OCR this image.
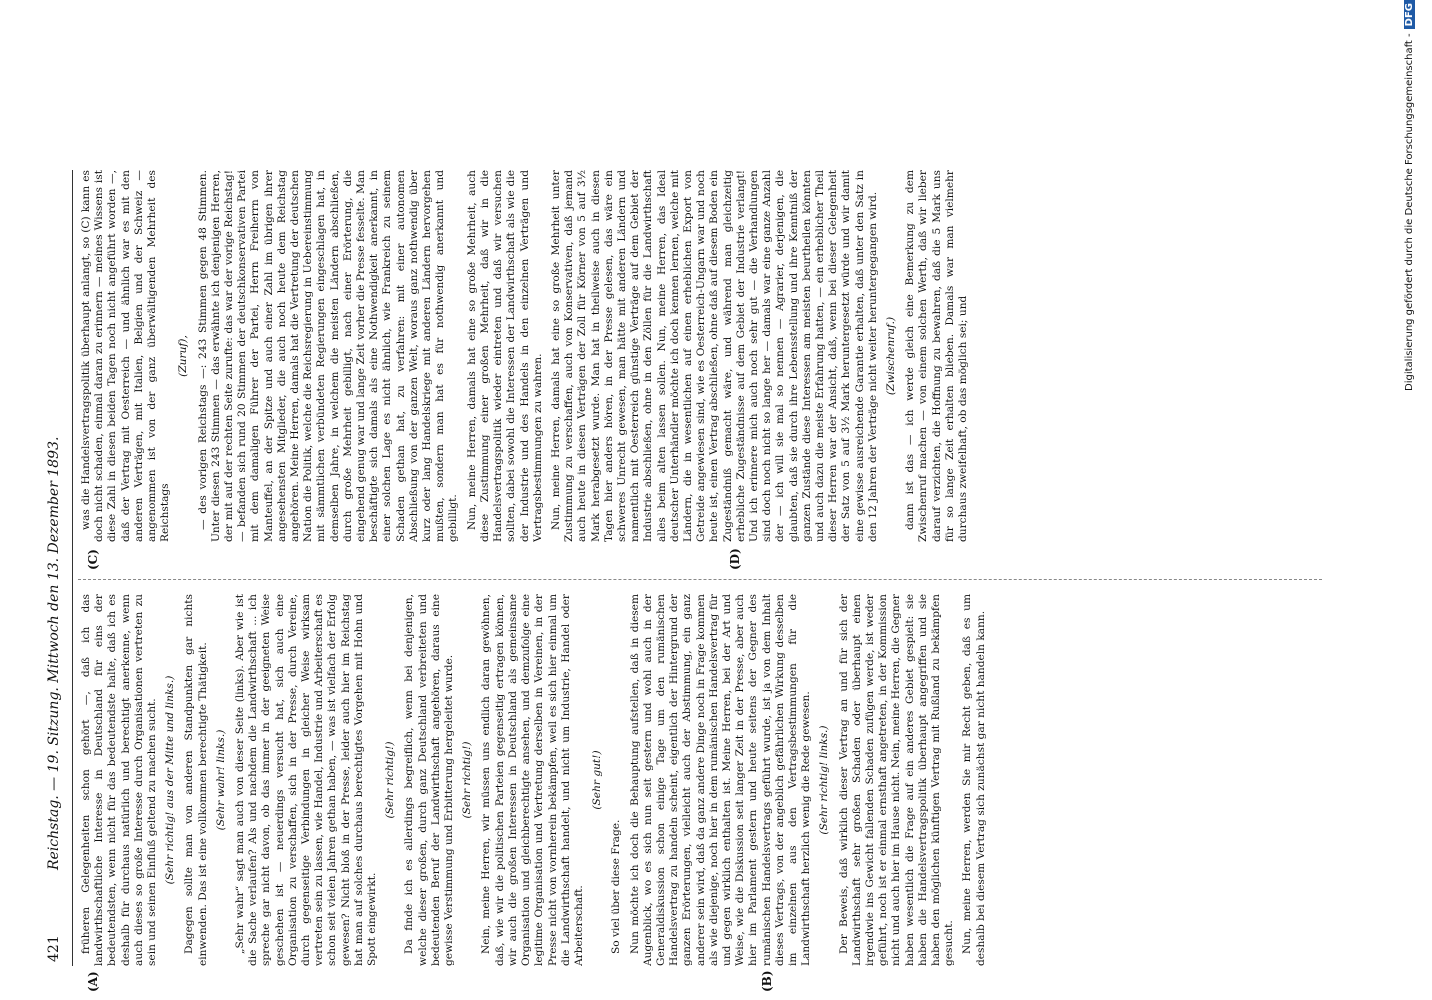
421
Reichstag. — 19. Sitzung. Mittwoch den 13. Dezember 1893.
(A)	(B)
(C)	(D)

früheren Gelegenheiten schon gehört —, daß ich das landwirthschaftliche Interesse in Deutschland für eins der bedeutendsten, wenn nicht für das bedeutendste halte, daß ich es deshalb für durchaus natürlich und berechtigt anerkenne, wenn auch dieses so große Interesse durch Organisationen vertreten zu sein und seinen Einfluß geltend zu machen sucht. (Sehr richtig! aus der Mitte und links.) Dagegen sollte man von anderen Standpunkten gar nichts einwenden. Das ist eine vollkommen berechtigte Thätigkeit. (Sehr wahr! links.) „Sehr wahr“ sagt man auch von dieser Seite (links). Aber wie ist die Sache verlaufen? Als und nachdem die Landwirthschaft ... ich spreche gar nicht davon, ob das immer in der geeigneten Weise geschehen ist — neuerdings versucht hat, sich auch eine Organisation zu verschaffen, sich in der Presse, durch Vereine, durch gegenseitige Verbindungen in gleicher Weise wirksam vertreten sein zu lassen, wie Handel, Industrie und Arbeiterschaft es schon seit vielen Jahren gethan haben, — was ist vielfach der Erfolg gewesen? Nicht bloß in der Presse, leider auch hier im Reichstag hat man auf solches durchaus berechtigtes Vorgehen mit Hohn und Spott eingewirkt.

(Sehr richtig!) Da finde ich es allerdings begreiflich, wenn bei denjenigen, welche dieser großen, durch ganz Deutschland verbreiteten und bedeutenden Beruf der Landwirthschaft angehören, daraus eine gewisse Verstimmung und Erbitterung hergeleitet wurde. (Sehr richtig!) Nein, meine Herren, wir müssen uns endlich daran gewöhnen, daß, wie wir die politischen Parteien gegenseitig ertragen können, wir auch die großen Interessen in Deutschland als gemeinsame Organisation und gleichberechtigte ansehen, und demzufolge eine legitime Organisation und Vertretung derselben in Vereinen, in der Presse nicht von vornherein bekämpfen, weil es sich hier einmal um die Landwirthschaft handelt, und nicht um Industrie, Handel oder Arbeiterschaft.

(Sehr gut!)

So viel über diese Frage. Nun möchte ich doch die Behauptung aufstellen, daß in diesem Augenblick, wo es sich nun seit gestern und wohl auch in der Generaldiskussion schon einige Tage um den rumänischen Handelsvertrag zu handeln scheint, eigentlich der Hintergrund der ganzen Erörterungen, vielleicht auch der Abstimmung, ein ganz anderer sein wird, daß da ganz andere Dinge noch in Frage kommen als wie diejenige, noch hier in dem rumänischen Handelsvertrag für und gegen wirklich enthalten ist. Meine Herren, bei der Art und Weise, wie die Diskussion seit langer Zeit in der Presse, aber auch hier im Parlament gestern und heute seitens der Gegner des rumänischen Handelsvertrags geführt wurde, ist ja von dem Inhalt dieses Vertrags, von der angeblich gefährlichen Wirkung desselben im einzelnen aus den Vertragsbestimmungen für die Landwirthschaft herzlich wenig die Rede gewesen. (Sehr richtig! links.) Der Beweis, daß wirklich dieser Vertrag an und für sich der Landwirthschaft sehr großen Schaden oder überhaupt einen irgendwie ins Gewicht fallenden Schaden zufügen werde, ist weder geführt, noch ist er einmal ernsthaft angetreten, in der Kommission nicht und auch hier im Hause nicht. Nein, meine Herren, die Gegner haben wesentlich die Frage auf ein anderes Gebiet gespielt: sie haben die Handelsvertragspolitik überhaupt angegriffen und sie haben den möglichen künftigen Vertrag mit Rußland zu bekämpfen gesucht. Nun, meine Herren, werden Sie mir Recht geben, daß es um deshalb bei diesem Vertrag sich zunächst gar nicht handeln kann.

was die Handelsvertragspolitik überhaupt anlangt, so (C) kann es doch nicht schaden, einmal daran zu erinnern — meines Wissens ist diese Zahl in diesen beiden Tagen noch nicht angeführt worden —, daß der Vertrag mit Oesterreich — und ähnlich war es mit den anderen Verträgen, mit Italien, Belgien und der Schweiz — angenommen ist von der ganz überwältigenden Mehrheit des Reichstags

(Zuruf), — des vorigen Reichstags —: 243 Stimmen gegen 48 Stimmen. Unter diesen 243 Stimmen — das erwähnte ich denjenigen Herren, der mit auf der rechten Seite zurufte: das war der vorige Reichstag! — befanden sich rund 20 Stimmen der deutschkonservativen Partei mit dem damaligen Führer der Partei, Herrn Freiherrn von Manteuffel, an der Spitze und auch einer Zahl im übrigen ihrer angesehensten Mitglieder, die auch noch heute dem Reichstag angehören. Meine Herren, damals hat die Vertretung der deutschen Nation die Politik, welche die Reichsregierung in Uebereinstimmung mit sämmtlichen verbündeten Regierungen eingeschlagen hat, in demselben Jahre, in welchem die meisten Ländern abschließen, durch große Mehrheit gebilligt, nach einer Erörterung, die eingehend genug war und lange Zeit vorher die Presse fesselte. Man beschäftigte sich damals als eine Nothwendigkeit anerkannt, in einer solchen Lage es nicht ähnlich, wie Frankreich zu seinem Schaden gethan hat, zu verfahren: mit einer autonomen Abschließung von der ganzen Welt, woraus ganz nothwendig über kurz oder lang Handelskriege mit anderen Ländern hervorgehen mußten, sondern man hat es für nothwendig anerkannt und gebilligt. Nun, meine Herren, damals hat eine so große Mehrheit, auch diese Zustimmung einer großen Mehrheit, daß wir in die Handelsvertragspolitik wieder eintreten und daß wir versuchen sollten, dabei sowohl die Interessen der Landwirthschaft als wie die der Industrie und des Handels in den einzelnen Verträgen und Vertragsbestimmungen zu wahren. Nun, meine Herren, damals hat eine so große Mehrheit unter Zustimmung zu verschaffen, auch von Konservativen, daß jemand auch heute in diesen Verträgen der Zoll für Körner von 5 auf 3½ Mark herabgesetzt wurde. Man hat in theilweise auch in diesen Tagen hier anders hören, in der Presse gelesen, das wäre ein schweres Unrecht gewesen, man hätte mit anderen Ländern und namentlich mit Oesterreich günstige Verträge auf dem Gebiet der Industrie abschließen, ohne in den Zöllen für die Landwirthschaft alles beim alten lassen sollen. Nun, meine Herren, das Ideal deutscher Unterhändler möchte ich doch kennen lernen, welche mit Ländern, die in wesentlichen auf einen erheblichen Export von Getreide angewiesen sind, wie es Oesterreich-Ungarn war und noch heute ist, einen Vertrag abschließen, ohne daß auf diesem Boden ein Zugeständniß gemacht wäre, und während man gleichzeitig erhebliche Zugeständnisse auf dem Gebiet der Industrie verlangt! Und ich erinnere mich auch noch sehr gut — die Verhandlungen sind doch noch nicht so lange her — damals war eine ganze Anzahl der — ich will sie mal so nennen — Agrarier, derjenigen, die glaubten, daß sie durch ihre Lebensstellung und ihre Kenntniß der ganzen Zustände diese Interessen am meisten beurtheilen könnten und auch dazu die meiste Erfahrung hatten, — ein erheblicher Theil dieser Herren war der Ansicht, daß, wenn bei dieser Gelegenheit der Satz von 5 auf 3½ Mark heruntergesetzt würde und wir damit eine gewisse ausreichende Garantie erhalten, daß unter den Satz in den 12 Jahren der Verträge nicht weiter heruntergegangen wird. (Zwischenruf.) dann ist das — ich werde gleich eine Bemerkung zu dem Zwischenruf machen — von einem solchen Werth, daß wir lieber darauf verzichten, die Hoffnung zu bewahren, daß die 5 Mark uns für so lange Zeit erhalten blieben. Damals war man vielmehr durchaus zweifelhaft, ob das möglich sei; und

Digitalisierung gefördert durch die Deutsche Forschungsgemeinschaft -DFG
